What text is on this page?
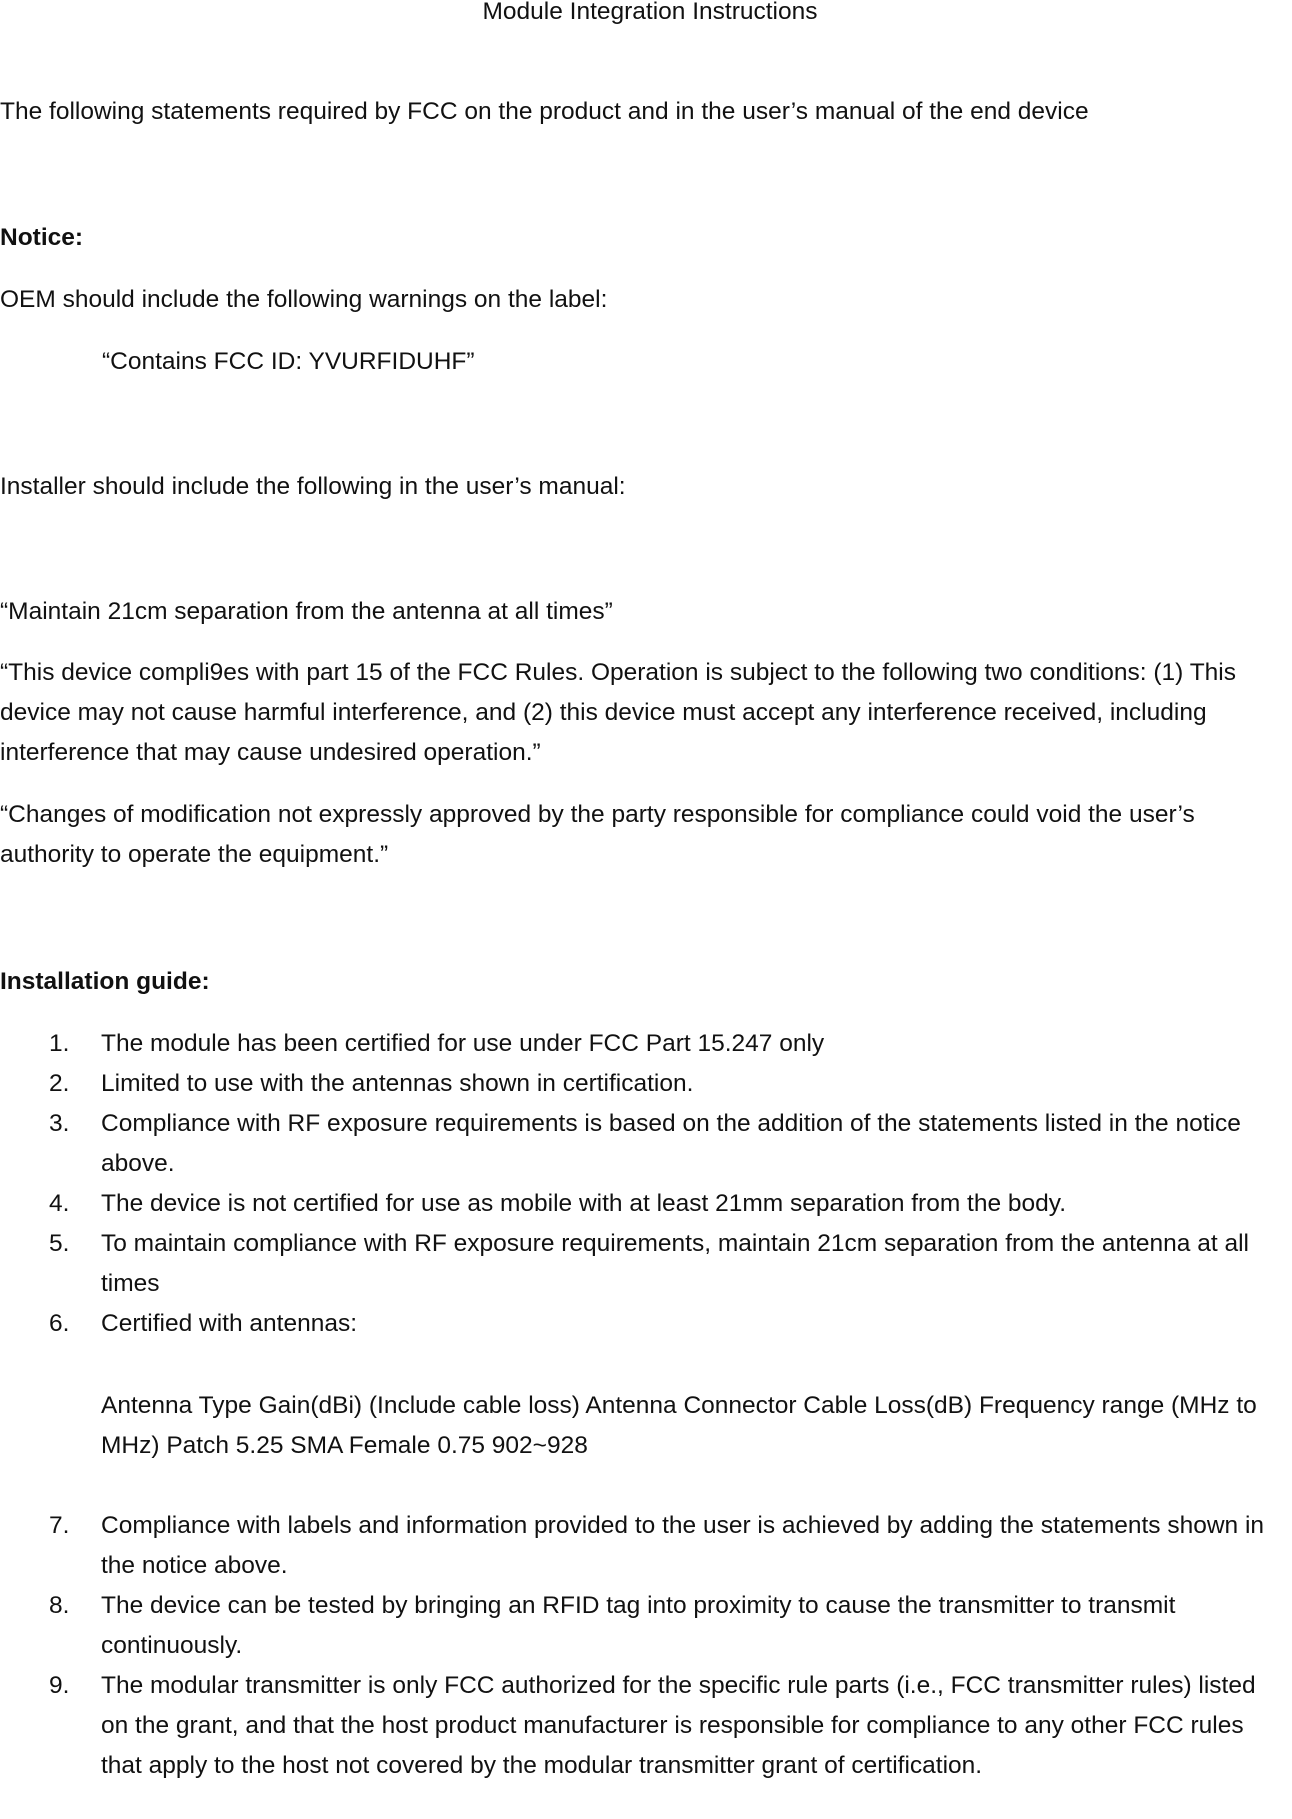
Module Integration Instructions

The following statements required by FCC on the product and in the user’s manual of the end device

Notice:

OEM should include the following warnings on the label:

“Contains FCC ID: YVURFIDUHF”

Installer should include the following in the user’s manual:

“Maintain 21cm separation from the antenna at all times”

“This device compli9es with part 15 of the FCC Rules. Operation is subject to the following two conditions: (1) This device may not cause harmful interference, and (2) this device must accept any interference received, including interference that may cause undesired operation.”

“Changes of modification not expressly approved by the party responsible for compliance could void the user’s authority to operate the equipment.”

Installation guide:

1. The module has been certified for use under FCC Part 15.247 only
2. Limited to use with the antennas shown in certification.
3. Compliance with RF exposure requirements is based on the addition of the statements listed in the notice above.
4. The device is not certified for use as mobile with at least 21mm separation from the body.
5. To maintain compliance with RF exposure requirements, maintain 21cm separation from the antenna at all times
6. Certified with antennas:

Antenna Type Gain(dBi) (Include cable loss) Antenna Connector Cable Loss(dB) Frequency range (MHz to MHz) Patch 5.25 SMA Female 0.75 902~928

7. Compliance with labels and information provided to the user is achieved by adding the statements shown in the notice above.
8. The device can be tested by bringing an RFID tag into proximity to cause the transmitter to transmit continuously.
9. The modular transmitter is only FCC authorized for the specific rule parts (i.e., FCC transmitter rules) listed on the grant, and that the host product manufacturer is responsible for compliance to any other FCC rules that apply to the host not covered by the modular transmitter grant of certification.
